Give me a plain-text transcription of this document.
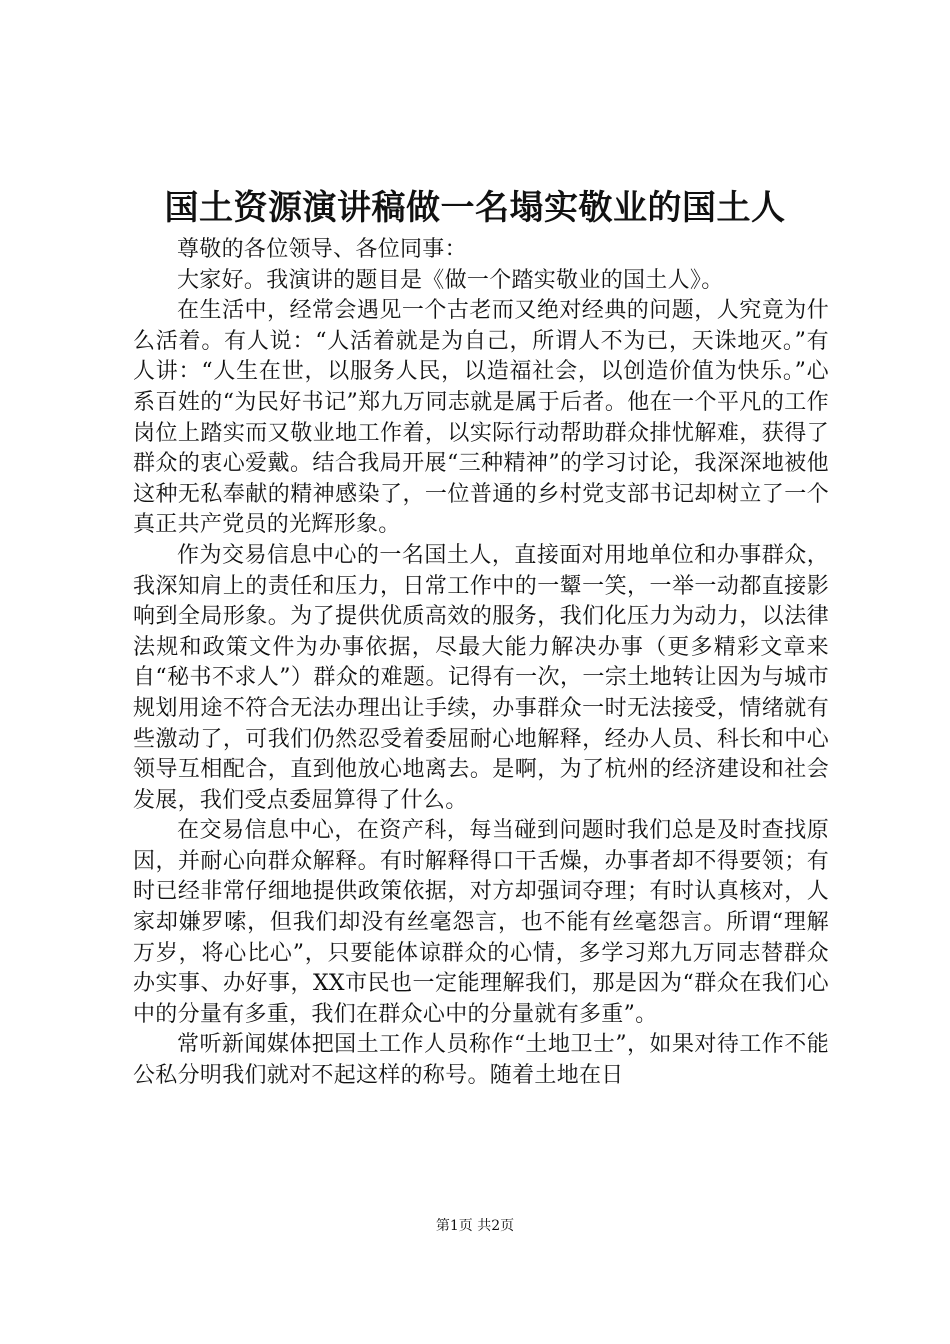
国土资源演讲稿做一名塌实敬业的国土人

尊敬的各位领导、各位同事：

大家好。我演讲的题目是《做一个踏实敬业的国土人》。

在生活中，经常会遇见一个古老而又绝对经典的问题，人究竟为什么活着。有人说：“人活着就是为自己，所谓人不为已，天诛地灭。”有人讲：“人生在世，以服务人民，以造福社会，以创造价值为快乐。”心系百姓的“为民好书记”郑九万同志就是属于后者。他在一个平凡的工作岗位上踏实而又敬业地工作着，以实际行动帮助群众排忧解难，获得了群众的衷心爱戴。结合我局开展“三种精神”的学习讨论，我深深地被他这种无私奉献的精神感染了，一位普通的乡村党支部书记却树立了一个真正共产党员的光辉形象。

作为交易信息中心的一名国土人，直接面对用地单位和办事群众，我深知肩上的责任和压力，日常工作中的一颦一笑，一举一动都直接影响到全局形象。为了提供优质高效的服务，我们化压力为动力，以法律法规和政策文件为办事依据，尽最大能力解决办事（更多精彩文章来自“秘书不求人”）群众的难题。记得有一次，一宗土地转让因为与城市规划用途不符合无法办理出让手续，办事群众一时无法接受，情绪就有些激动了，可我们仍然忍受着委屈耐心地解释，经办人员、科长和中心领导互相配合，直到他放心地离去。是啊，为了杭州的经济建设和社会发展，我们受点委屈算得了什么。

在交易信息中心，在资产科，每当碰到问题时我们总是及时查找原因，并耐心向群众解释。有时解释得口干舌燥，办事者却不得要领；有时已经非常仔细地提供政策依据，对方却强词夺理；有时认真核对，人家却嫌罗嗦，但我们却没有丝毫怨言，也不能有丝毫怨言。所谓“理解万岁，将心比心”，只要能体谅群众的心情，多学习郑九万同志替群众办实事、办好事，XX市民也一定能理解我们，那是因为“群众在我们心中的分量有多重，我们在群众心中的分量就有多重”。

常听新闻媒体把国土工作人员称作“土地卫士”，如果对待工作不能公私分明我们就对不起这样的称号。随着土地在日

第1页 共2页
